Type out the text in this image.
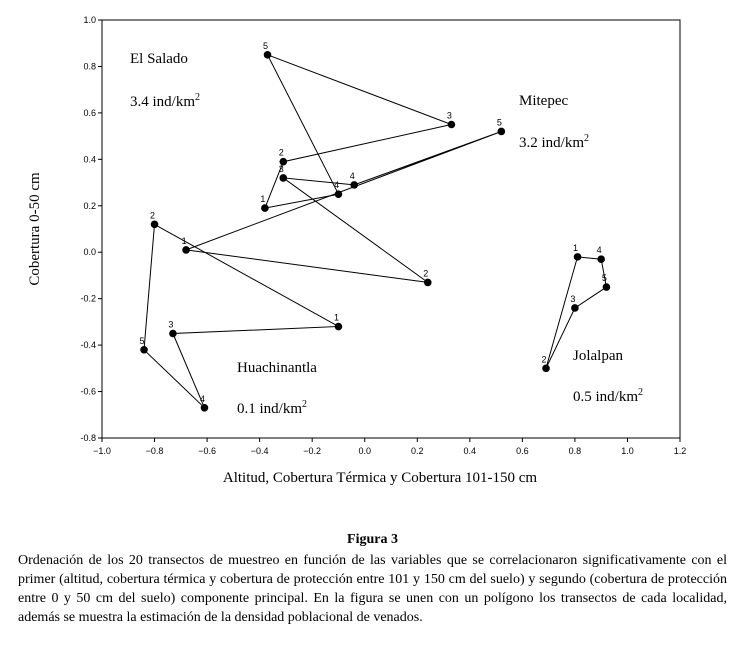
−1.0	−0.8	−0.6	−0.4	−0.2	0.0	0.2	0.4	0.6	0.8	1.0	1.2
1.0
0.8
0.6
0.4
0.2
0.0
-0.2
-0.4
-0.6
-0.8
1
2
3
4
5
1
2
3
4
5
1
2
3
4
5
1
2
3
4
5
El Salado
3.4 ind/$km^2$	Mitepec
3.2 ind/$km^2$
Huachinantla
0.1 ind/$km^2$
Jolalpan
0.5 ind/$km^2$
Altitud, Cobertura Térmica y Cobertura 101-150 cm
Cobertura 0-50 cm

Figura 3

Ordenación de los 20 transectos de muestreo en función de las variables que se correlacionaron significativamente con el primer (altitud, cobertura térmica y cobertura de protección entre 101 y 150 cm del suelo) y segundo (cobertura de protección entre 0 y 50 cm del suelo) componente principal. En la figura se unen con un polígono los transectos de cada localidad, además se muestra la estimación de la densidad poblacional de venados.
